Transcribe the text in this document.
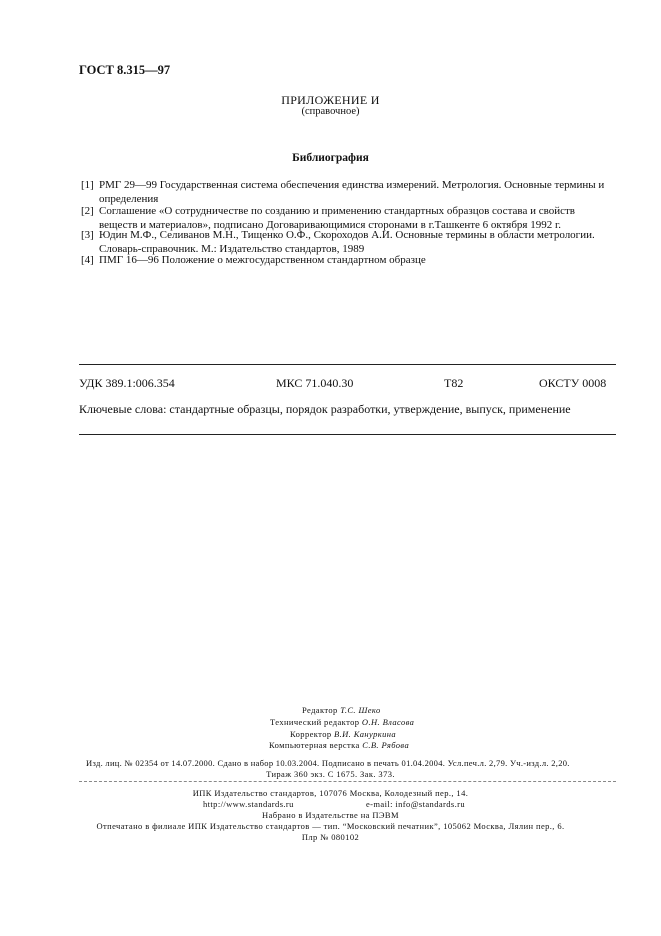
ГОСТ 8.315—97
ПРИЛОЖЕНИЕ И
(справочное)
Библиография
[1] РМГ 29—99 Государственная система обеспечения единства измерений. Метрология. Основные термины и определения
[2] Соглашение «О сотрудничестве по созданию и применению стандартных образцов состава и свойств веществ и материалов», подписано Договаривающимися сторонами в г.Ташкенте 6 октября 1992 г.
[3] Юдин М.Ф., Селиванов М.Н., Тищенко О.Ф., Скороходов А.И. Основные термины в области метрологии. Словарь-справочник. М.: Издательство стандартов, 1989
[4] ПМГ 16—96 Положение о межгосударственном стандартном образце
УДК 389.1:006.354	МКС 71.040.30	Т82	ОКСТУ 0008
Ключевые слова: стандартные образцы, порядок разработки, утверждение, выпуск, применение
Редактор Т.С. Шеко
Технический редактор О.Н. Власова
Корректор В.И. Кануркина
Компьютерная верстка С.В. Рябова
Изд. лиц. № 02354 от 14.07.2000. Сдано в набор 10.03.2004. Подписано в печать 01.04.2004. Усл.печ.л. 2,79. Уч.-изд.л. 2,20.
Тираж 360 экз. С 1675. Зак. 373.
ИПК Издательство стандартов, 107076 Москва, Колодезный пер., 14.
http://www.standards.ru	e-mail: info@standards.ru
Набрано в Издательстве на ПЭВМ
Отпечатано в филиале ИПК Издательство стандартов — тип. “Московский печатник”, 105062 Москва, Лялин пер., 6.
Плр № 080102
